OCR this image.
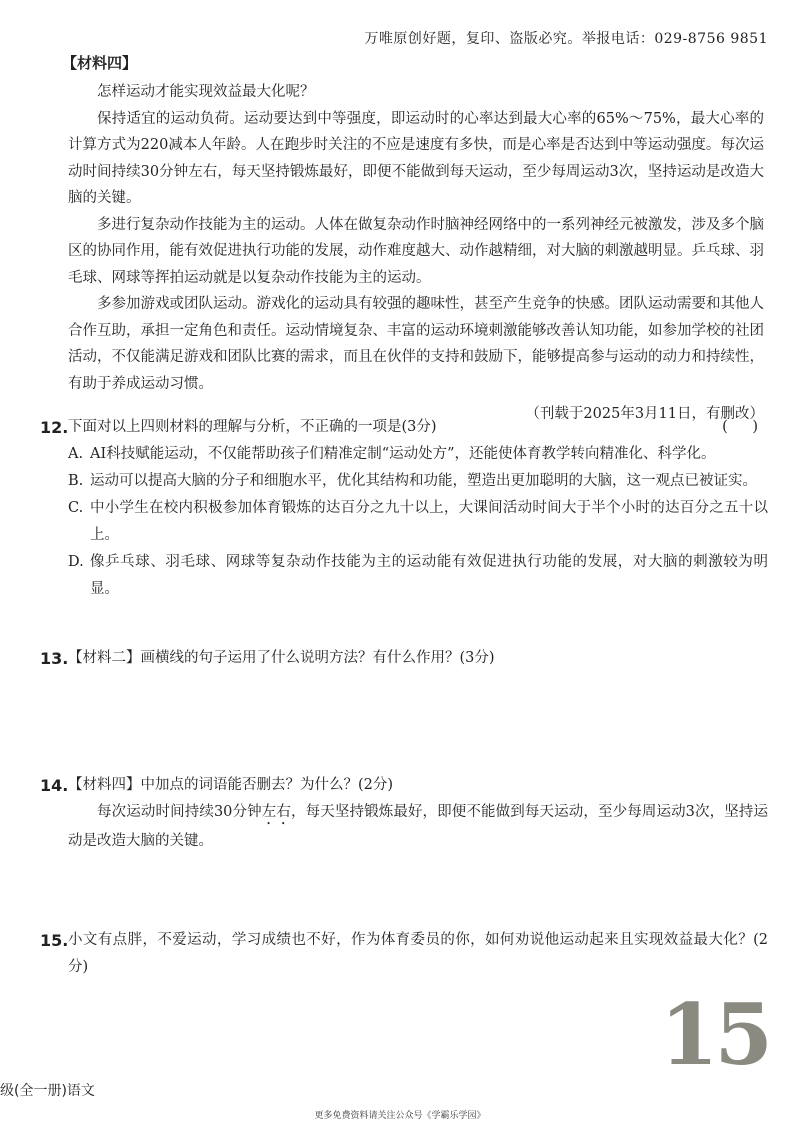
万唯原创好题，复印、盗版必究。举报电话：029-8756 9851
【材料四】

怎样运动才能实现效益最大化呢？

保持适宜的运动负荷。运动要达到中等强度，即运动时的心率达到最大心率的65%～75%，最大心率的计算方式为220减本人年龄。人在跑步时关注的不应是速度有多快，而是心率是否达到中等运动强度。每次运动时间持续30分钟左右，每天坚持锻炼最好，即便不能做到每天运动，至少每周运动3次，坚持运动是改造大脑的关键。

多进行复杂动作技能为主的运动。人体在做复杂动作时脑神经网络中的一系列神经元被激发，涉及多个脑区的协同作用，能有效促进执行功能的发展，动作难度越大、动作越精细，对大脑的刺激越明显。乒乓球、羽毛球、网球等挥拍运动就是以复杂动作技能为主的运动。

多参加游戏或团队运动。游戏化的运动具有较强的趣味性，甚至产生竞争的快感。团队运动需要和其他人合作互助，承担一定角色和责任。运动情境复杂、丰富的运动环境刺激能够改善认知功能，如参加学校的社团活动，不仅能满足游戏和团队比赛的需求，而且在伙伴的支持和鼓励下，能够提高参与运动的动力和持续性，有助于养成运动习惯。

（刊载于2025年3月11日，有删改）
12. 下面对以上四则材料的理解与分析，不正确的一项是(3分)	( )
A. AI科技赋能运动，不仅能帮助孩子们精准定制“运动处方”，还能使体育教学转向精准化、科学化。
B. 运动可以提高大脑的分子和细胞水平，优化其结构和功能，塑造出更加聪明的大脑，这一观点已被证实。
C. 中小学生在校内积极参加体育锻炼的达百分之九十以上，大课间活动时间大于半个小时的达百分之五十以上。
D. 像乒乓球、羽毛球、网球等复杂动作技能为主的运动能有效促进执行功能的发展，对大脑的刺激较为明显。
13. 【材料二】画横线的句子运用了什么说明方法？有什么作用？(3分)
14. 【材料四】中加点的词语能否删去？为什么？(2分)
每次运动时间持续30分钟左右，每天坚持锻炼最好，即便不能做到每天运动，至少每周运动3次，坚持运动是改造大脑的关键。
15. 小文有点胖，不爱运动，学习成绩也不好，作为体育委员的你，如何劝说他运动起来且实现效益最大化？(2分)
15
级(全一册)语文
更多免费资料请关注公众号《学霸乐学园》
